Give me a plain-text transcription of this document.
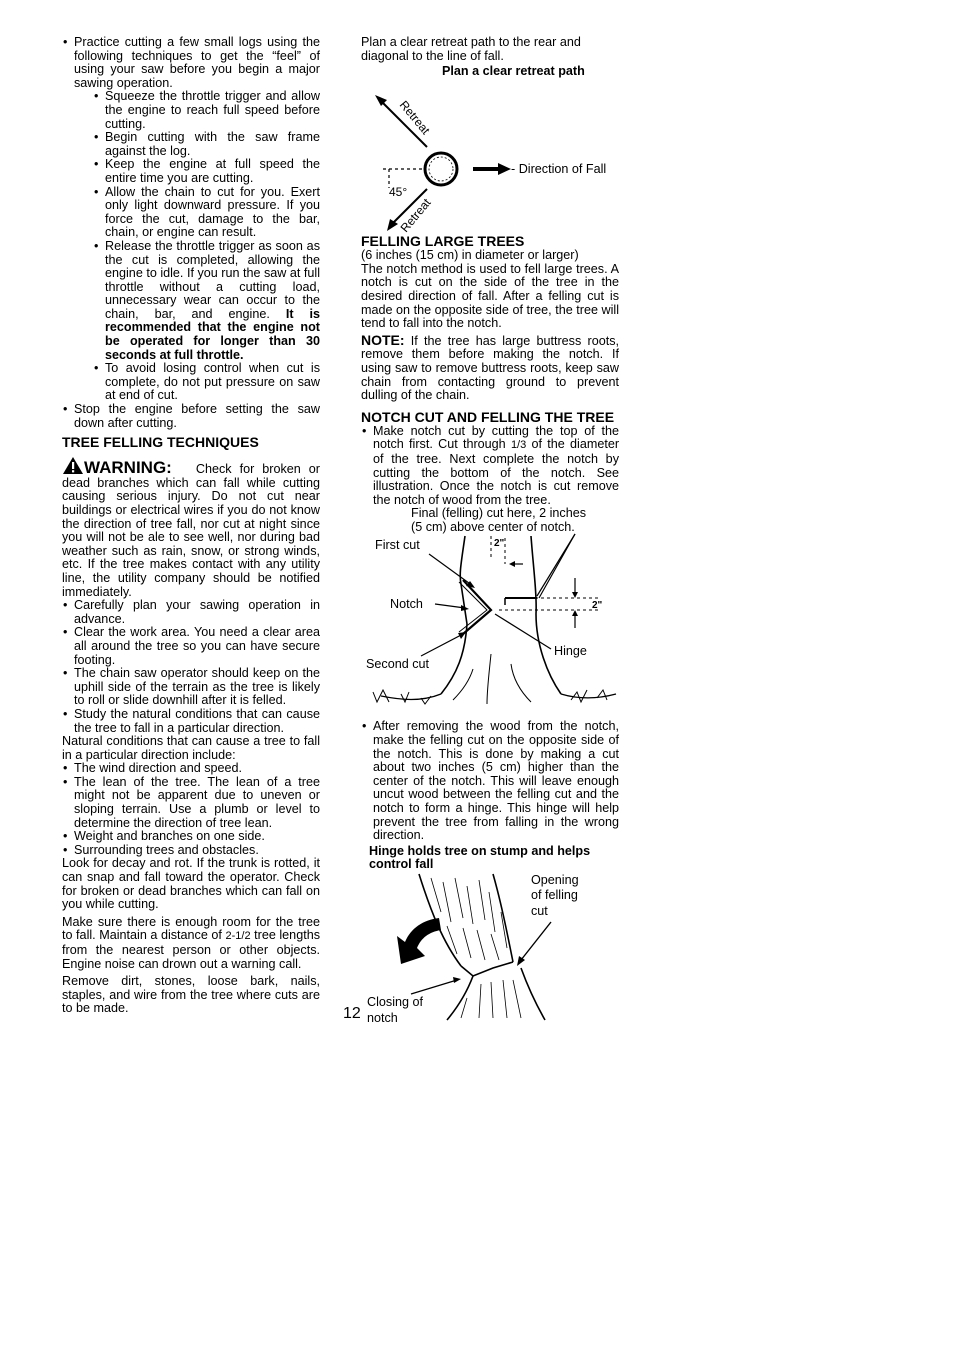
• Practice cutting a few small logs using the following techniques to get the “feel” of using your saw before you begin a major sawing operation.
• Squeeze the throttle trigger and allow the engine to reach full speed before cutting.
• Begin cutting with the saw frame against the log.
• Keep the engine at full speed the entire time you are cutting.
• Allow the chain to cut for you. Exert only light downward pressure. If you force the cut, damage to the bar, chain, or engine can result.
• Release the throttle trigger as soon as the cut is completed, allowing the engine to idle. If you run the saw at full throttle without a cutting load, unnecessary wear can occur to the chain, bar, and engine. It is recommended that the engine not be operated for longer than 30 seconds at full throttle.
• To avoid losing control when cut is complete, do not put pressure on saw at end of cut.
• Stop the engine before setting the saw down after cutting.
TREE FELLING TECHNIQUES

WARNING: Check for broken or dead branches which can fall while cutting causing serious injury. Do not cut near buildings or electrical wires if you do not know the direction of tree fall, nor cut at night since you will not be ale to see well, nor during bad weather such as rain, snow, or strong winds, etc. If the tree makes contact with any utility line, the utility company should be notified immediately.

• Carefully plan your sawing operation in advance.
• Clear the work area. You need a clear area all around the tree so you can have secure footing.
• The chain saw operator should keep on the uphill side of the terrain as the tree is likely to roll or slide downhill after it is felled.
• Study the natural conditions that can cause the tree to fall in a particular direction.

Natural conditions that can cause a tree to fall in a particular direction include:

• The wind direction and speed.
• The lean of the tree. The lean of a tree might not be apparent due to uneven or sloping terrain. Use a plumb or level to determine the direction of tree lean.
• Weight and branches on one side.
• Surrounding trees and obstacles.

Look for decay and rot. If the trunk is rotted, it can snap and fall toward the operator. Check for broken or dead branches which can fall on you while cutting.

Make sure there is enough room for the tree to fall. Maintain a distance of 2-1/2 tree lengths from the nearest person or other objects. Engine noise can drown out a warning call.

Remove dirt, stones, loose bark, nails, staples, and wire from the tree where cuts are to be made.

Plan a clear retreat path to the rear and diagonal to the line of fall.

Plan a clear retreat path
Retreat
45°
- Direction of Fall
Retreat
FELLING LARGE TREES

(6 inches (15 cm) in diameter or larger)

The notch method is used to fell large trees. A notch is cut on the side of the tree in the desired direction of fall. After a felling cut is made on the opposite side of tree, the tree will tend to fall into the notch.

NOTE: If the tree has large buttress roots, remove them before making the notch. If using saw to remove buttress roots, keep saw chain from contacting ground to prevent dulling of the chain.

NOTCH CUT AND FELLING THE TREE
• Make notch cut by cutting the top of the notch first. Cut through 1/3 of the diameter of the tree. Next complete the notch by cutting the bottom of the notch. See illustration. Once the notch is cut remove the notch of wood from the tree.
Final (felling) cut here, 2 inches
(5 cm) above center of notch.
2"
2"
First cut
Notch
Second cut
Hinge
• After removing the wood from the notch, make the felling cut on the opposite side of the notch. This is done by making a cut about two inches (5 cm) higher than the center of the notch. This will leave enough uncut wood between the felling cut and the notch to form a hinge. This hinge will help prevent the tree from falling in the wrong direction.

Hinge holds tree on stump and helps control fall

Opening
of felling
cut
Closing of
notch
12
